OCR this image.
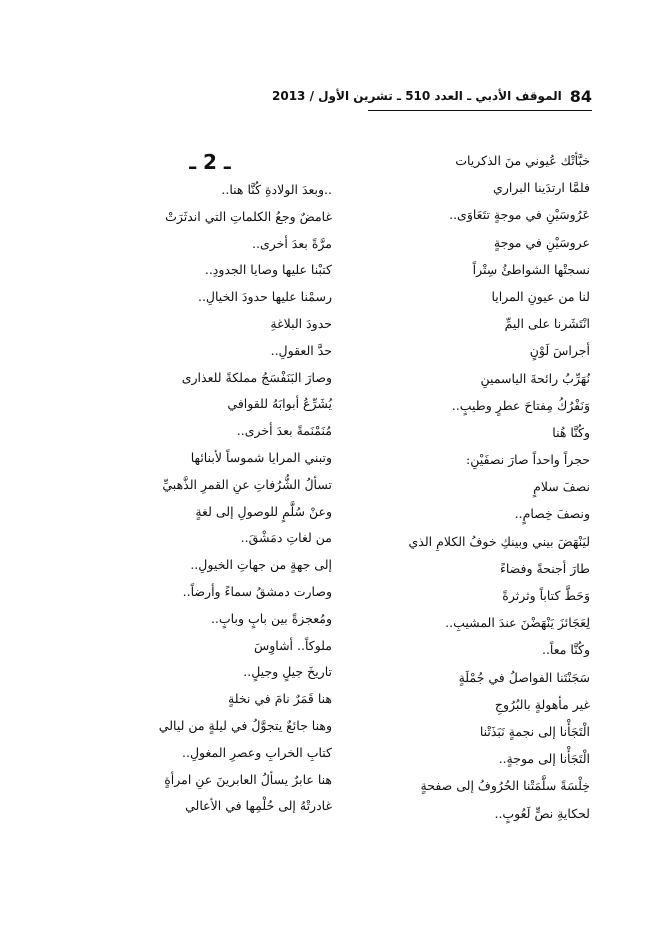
الموقف الأدبي ـ العدد 510 ـ تشرين الأول / 2013 84
خبَّأتْك عُيوني منَ الذكريات
فلمَّا ارتدَينا البراري
عَرُوسَيْنِ في موجةٍ تتَعَاوَى..
عروسَيْنِ في موجةٍ
نسجتْها الشواطئُ سِتْراً
لنا من عيونِ المرايا
انْتَشَرنا على اليمِّ
أجراسَ لَوْنٍ
نُهَرِّبُ رائحةَ الياسمينِ
وَنَفْرُكُ مِفتاحَ عطرٍ وطيبٍ..
وكُنَّا هُنا
حجراً واحداً صارَ نصفَيْنِ:
نصفَ سلامٍ
ونصفَ خِصامٍ..
ليَنْهَضَ بيني وبينكِ خوفُ الكلامِ الذي
طارَ أجنحةً وفضاءً
وَحَطَّ كتاباً وثرثرةً
لِعَجَائزَ يَنْهَضْنَ عندَ المشيبِ..
وكُنَّا معاً..
سَجَنْتَنا الفواصلُ في جُمْلَةٍ
غير مأهولةٍ بالبُرُوجِ
الْتَجَأْنا إلى نجمةٍ نَبَذَتْنا
الْتَجَأْنا إلى موجةٍ..
خِلْسَةً سلَّمَتْنا الحُرُوفُ إلى صفحةٍ
لحكايةِ نصٍّ لَعُوبٍ..
ـ 2 ـ
..وبعدَ الولادةِ كُنَّا هنا..
غامضٌ وجعُ الكلماتِ التي اندثَرَتْ
مرَّةً بعدَ أخرى..
كتبْنا عليها وصايا الجدودِ..
رسمْنا عليها حدودَ الخيالِ..
حدودَ البلاغةِ
حدَّ العقولِ..
وصارَ البَنَفْسَجُ مملكةً للعذارى
يُشَرِّعُ أبوابَهُ للقوافي
مُنَمْنَمةً بعدَ أخرى..
وتبني المرايا شموساً لأبنائها
تسألُ الشُّرُفاتِ عنِ القمرِ الذَّهبيِّ
وعنْ سُلَّمٍ للوصولِ إلى لغةٍ
من لغاتِ دمَشْقَ..
إلى جهةٍ من جهاتِ الخيولِ..
وصارت دمشقُ سماءً وأرضاً..
ومُعجزةً بين بابٍ وبابٍ..
ملوكاً.. أشاوِسَ
تاريخَ جيلٍ وجيلٍ..
هنا قَمَرٌ نامَ في نخلةٍ
وهنا جائعٌ يتجوَّلُ في ليلةٍ من ليالي
كتابِ الخرابِ وعصرِ المغولِ..
هنا عابرٌ يسألُ العابرينَ عنِ امرأةٍ
غادرتْهُ إلى حُلْمِها في الأعالي
